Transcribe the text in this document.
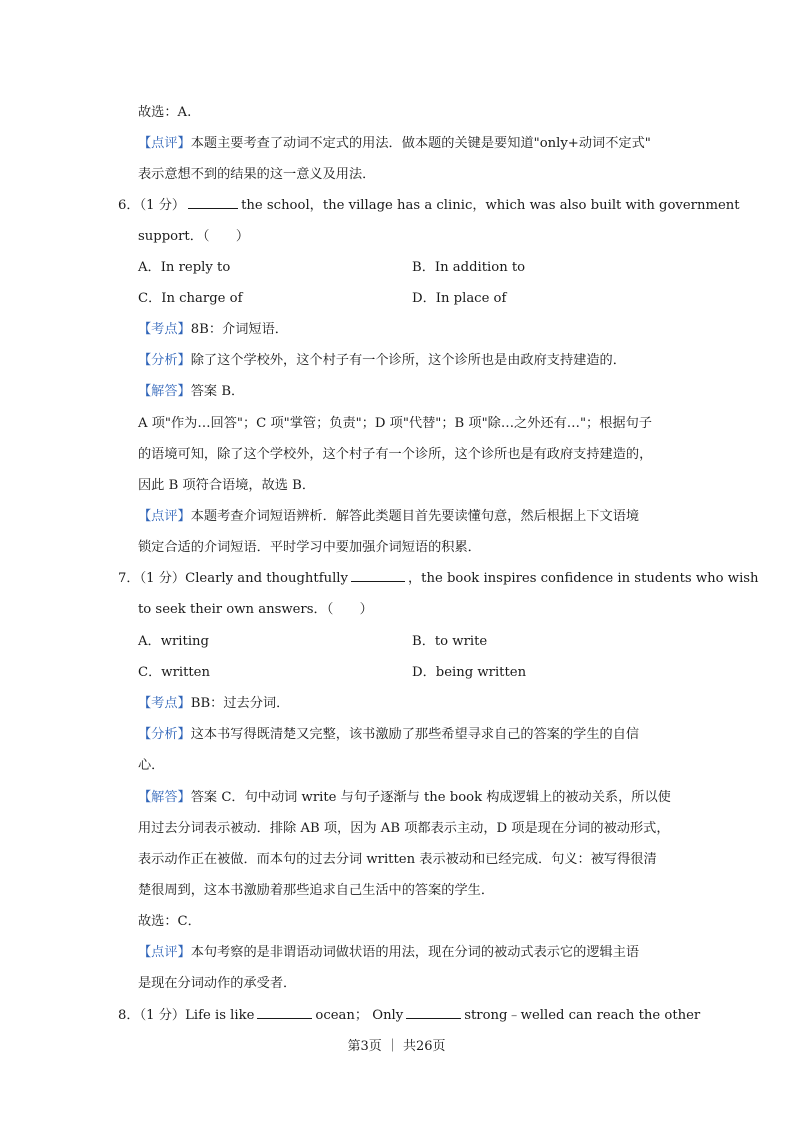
故选：A.
【点评】本题主要考查了动词不定式的用法．做本题的关键是要知道"only+动词不定式"
表示意想不到的结果的这一意义及用法．
6．（1 分）	the school，the village has a clinic，which was also built with government
support．（　　）
A．In reply to	B．In addition to
C．In charge of	D．In place of
【考点】8B：介词短语．
【分析】除了这个学校外，这个村子有一个诊所，这个诊所也是由政府支持建造的．
【解答】答案 B．
A 项"作为…回答"；C 项"掌管；负责"；D 项"代替"；B 项"除…之外还有…"；根据句子
的语境可知，除了这个学校外，这个村子有一个诊所，这个诊所也是有政府支持建造的，
因此 B 项符合语境，故选 B．
【点评】本题考查介词短语辨析．解答此类题目首先要读懂句意，然后根据上下文语境
锁定合适的介词短语．平时学习中要加强介词短语的积累．
7．（1 分）Clearly and thoughtfully	，the book inspires confidence in students who wish
to seek their own answers．（　　）
A．writing	B．to write
C．written	D．being written
【考点】BB：过去分词．
【分析】这本书写得既清楚又完整，该书激励了那些希望寻求自己的答案的学生的自信
心．
【解答】答案 C．句中动词 write 与句子逐渐与 the book 构成逻辑上的被动关系，所以使
用过去分词表示被动．排除 AB 项，因为 AB 项都表示主动，D 项是现在分词的被动形式，
表示动作正在被做．而本句的过去分词 written 表示被动和已经完成．句义：被写得很清
楚很周到，这本书激励着那些追求自己生活中的答案的学生．
故选：C．
【点评】本句考察的是非谓语动词做状语的用法，现在分词的被动式表示它的逻辑主语
是现在分词动作的承受者．
8．（1 分）Life is like	ocean； Only	strong﹣welled can reach the other
第3页 ｜ 共26页
